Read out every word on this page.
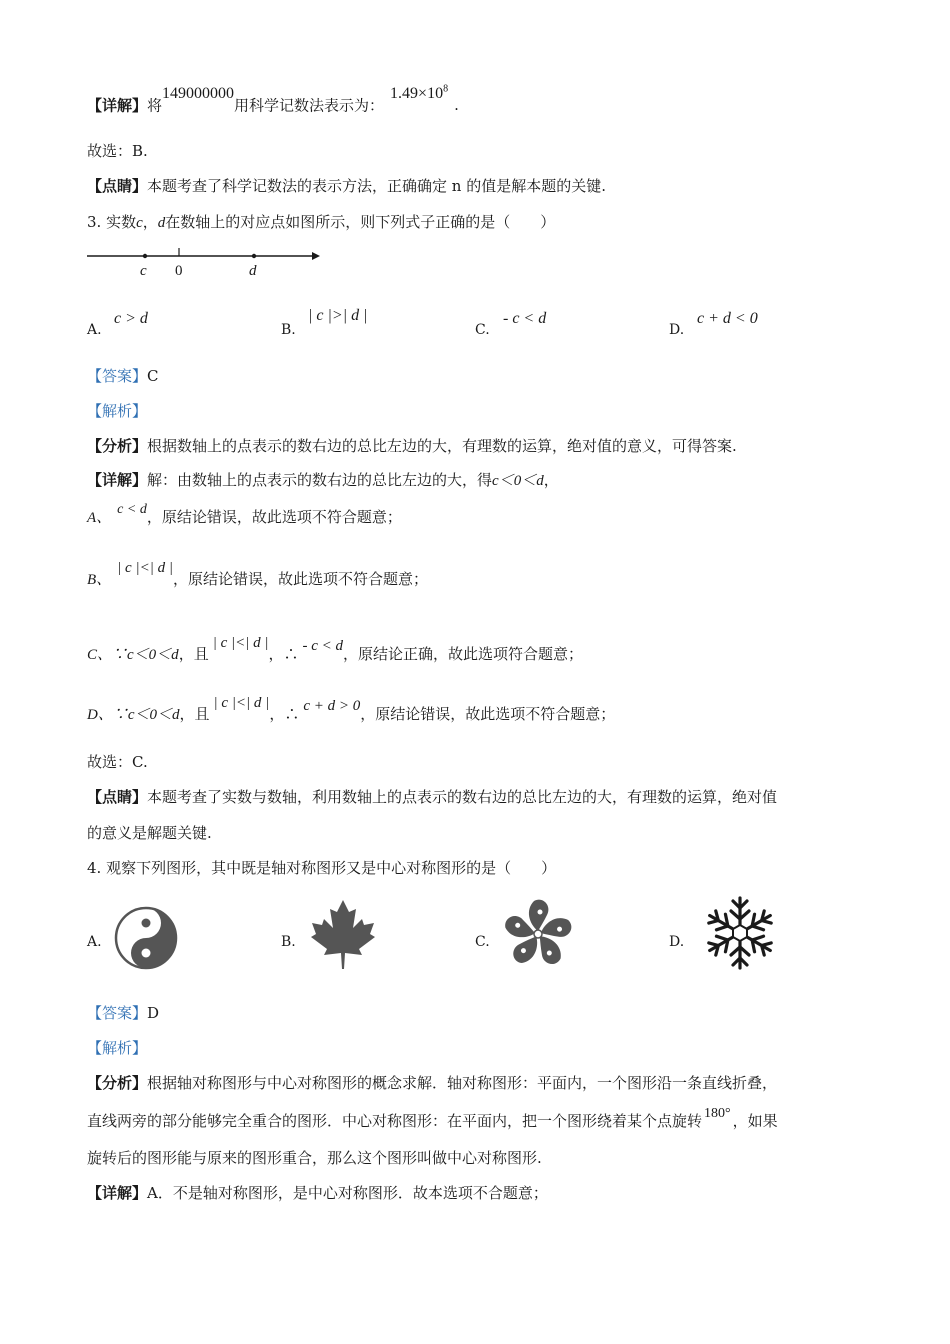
【详解】将149000000用科学记数法表示为：$1.49\times 10^8$.
故选：B.
【点睛】本题考查了科学记数法的表示方法，正确确定 n 的值是解本题的关键.
3. 实数c，d在数轴上的对应点如图所示，则下列式子正确的是（　　）
c 0	d
A.
c > d
B.
| c |>| d |
C.
- c < d
D.
c + d < 0
【答案】C
【解析】
【分析】根据数轴上的点表示的数右边的总比左边的大，有理数的运算，绝对值的意义，可得答案.
【详解】解：由数轴上的点表示的数右边的总比左边的大，得c＜0＜d，
A、c < d，原结论错误，故此选项不符合题意；
B、| c |<| d |，原结论错误，故此选项不符合题意；
C、∵c＜0＜d，且| c |<| d |，∴ - c < d，原结论正确，故此选项符合题意；
D、∵c＜0＜d，且| c |<| d |，∴ c + d > 0，原结论错误，故此选项不符合题意；
故选：C.
【点睛】本题考查了实数与数轴，利用数轴上的点表示的数右边的总比左边的大，有理数的运算，绝对值
的意义是解题关键.
4. 观察下列图形，其中既是轴对称图形又是中心对称图形的是（　　）
A.	B.	C.	D.
【答案】D
【解析】
【分析】根据轴对称图形与中心对称图形的概念求解．轴对称图形：平面内，一个图形沿一条直线折叠，
直线两旁的部分能够完全重合的图形．中心对称图形：在平面内，把一个图形绕着某个点旋转 180° ，如果
旋转后的图形能与原来的图形重合，那么这个图形叫做中心对称图形.
【详解】A．不是轴对称图形，是中心对称图形．故本选项不合题意；
